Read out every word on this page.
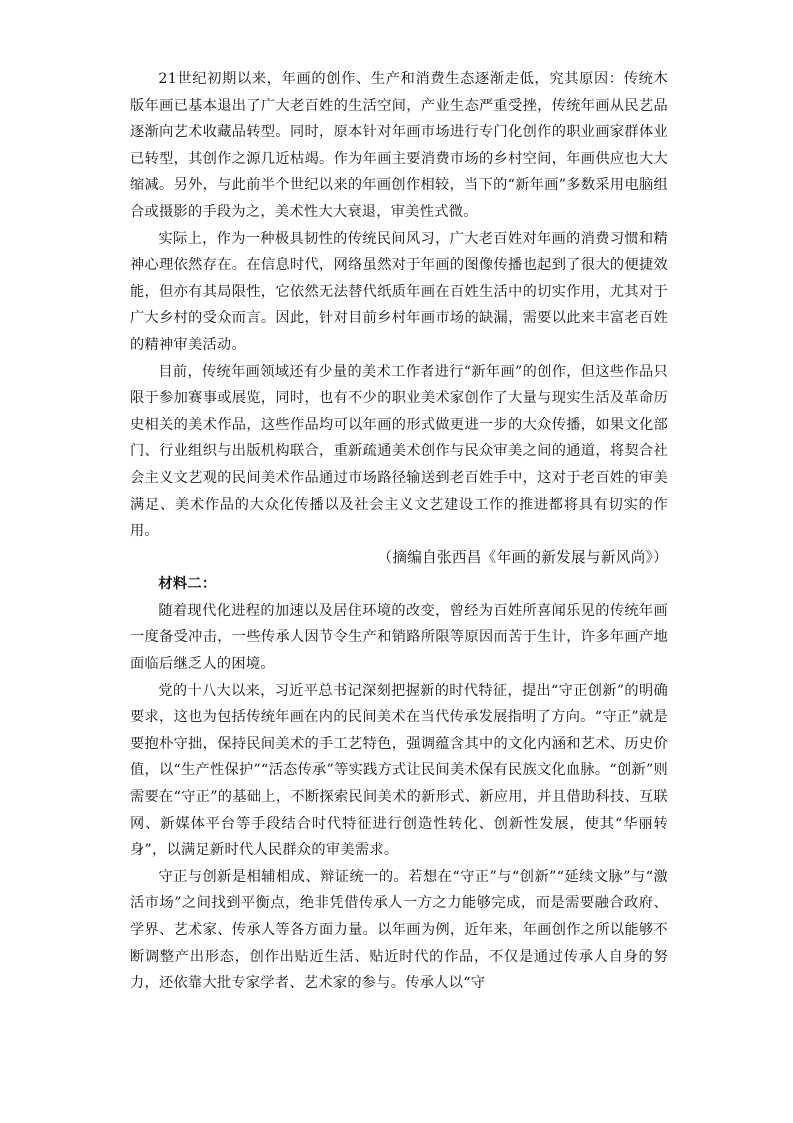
21世纪初期以来，年画的创作、生产和消费生态逐渐走低，究其原因：传统木版年画已基本退出了广大老百姓的生活空间，产业生态严重受挫，传统年画从民艺品逐渐向艺术收藏品转型。同时，原本针对年画市场进行专门化创作的职业画家群体业已转型，其创作之源几近枯竭。作为年画主要消费市场的乡村空间，年画供应也大大缩减。另外，与此前半个世纪以来的年画创作相较，当下的“新年画”多数采用电脑组合或摄影的手段为之，美术性大大衰退，审美性式微。

实际上，作为一种极具韧性的传统民间风习，广大老百姓对年画的消费习惯和精神心理依然存在。在信息时代，网络虽然对于年画的图像传播也起到了很大的便捷效能，但亦有其局限性，它依然无法替代纸质年画在百姓生活中的切实作用，尤其对于广大乡村的受众而言。因此，针对目前乡村年画市场的缺漏，需要以此来丰富老百姓的精神审美活动。

目前，传统年画领域还有少量的美术工作者进行“新年画”的创作，但这些作品只限于参加赛事或展览，同时，也有不少的职业美术家创作了大量与现实生活及革命历史相关的美术作品，这些作品均可以年画的形式做更进一步的大众传播，如果文化部门、行业组织与出版机构联合，重新疏通美术创作与民众审美之间的通道，将契合社会主义文艺观的民间美术作品通过市场路径输送到老百姓手中，这对于老百姓的审美满足、美术作品的大众化传播以及社会主义文艺建设工作的推进都将具有切实的作用。

（摘编自张西昌《年画的新发展与新风尚》）

材料二：

随着现代化进程的加速以及居住环境的改变，曾经为百姓所喜闻乐见的传统年画一度备受冲击，一些传承人因节令生产和销路所限等原因而苦于生计，许多年画产地面临后继乏人的困境。

党的十八大以来，习近平总书记深刻把握新的时代特征，提出“守正创新”的明确要求，这也为包括传统年画在内的民间美术在当代传承发展指明了方向。“守正”就是要抱朴守拙，保持民间美术的手工艺特色，强调蕴含其中的文化内涵和艺术、历史价值，以“生产性保护”“活态传承”等实践方式让民间美术保有民族文化血脉。“创新”则需要在“守正”的基础上，不断探索民间美术的新形式、新应用，并且借助科技、互联网、新媒体平台等手段结合时代特征进行创造性转化、创新性发展，使其“华丽转身”，以满足新时代人民群众的审美需求。

守正与创新是相辅相成、辩证统一的。若想在“守正”与“创新”“延续文脉”与“激活市场”之间找到平衡点，绝非凭借传承人一方之力能够完成，而是需要融合政府、学界、艺术家、传承人等各方面力量。以年画为例，近年来，年画创作之所以能够不断调整产出形态，创作出贴近生活、贴近时代的作品，不仅是通过传承人自身的努力，还依靠大批专家学者、艺术家的参与。传承人以“守
